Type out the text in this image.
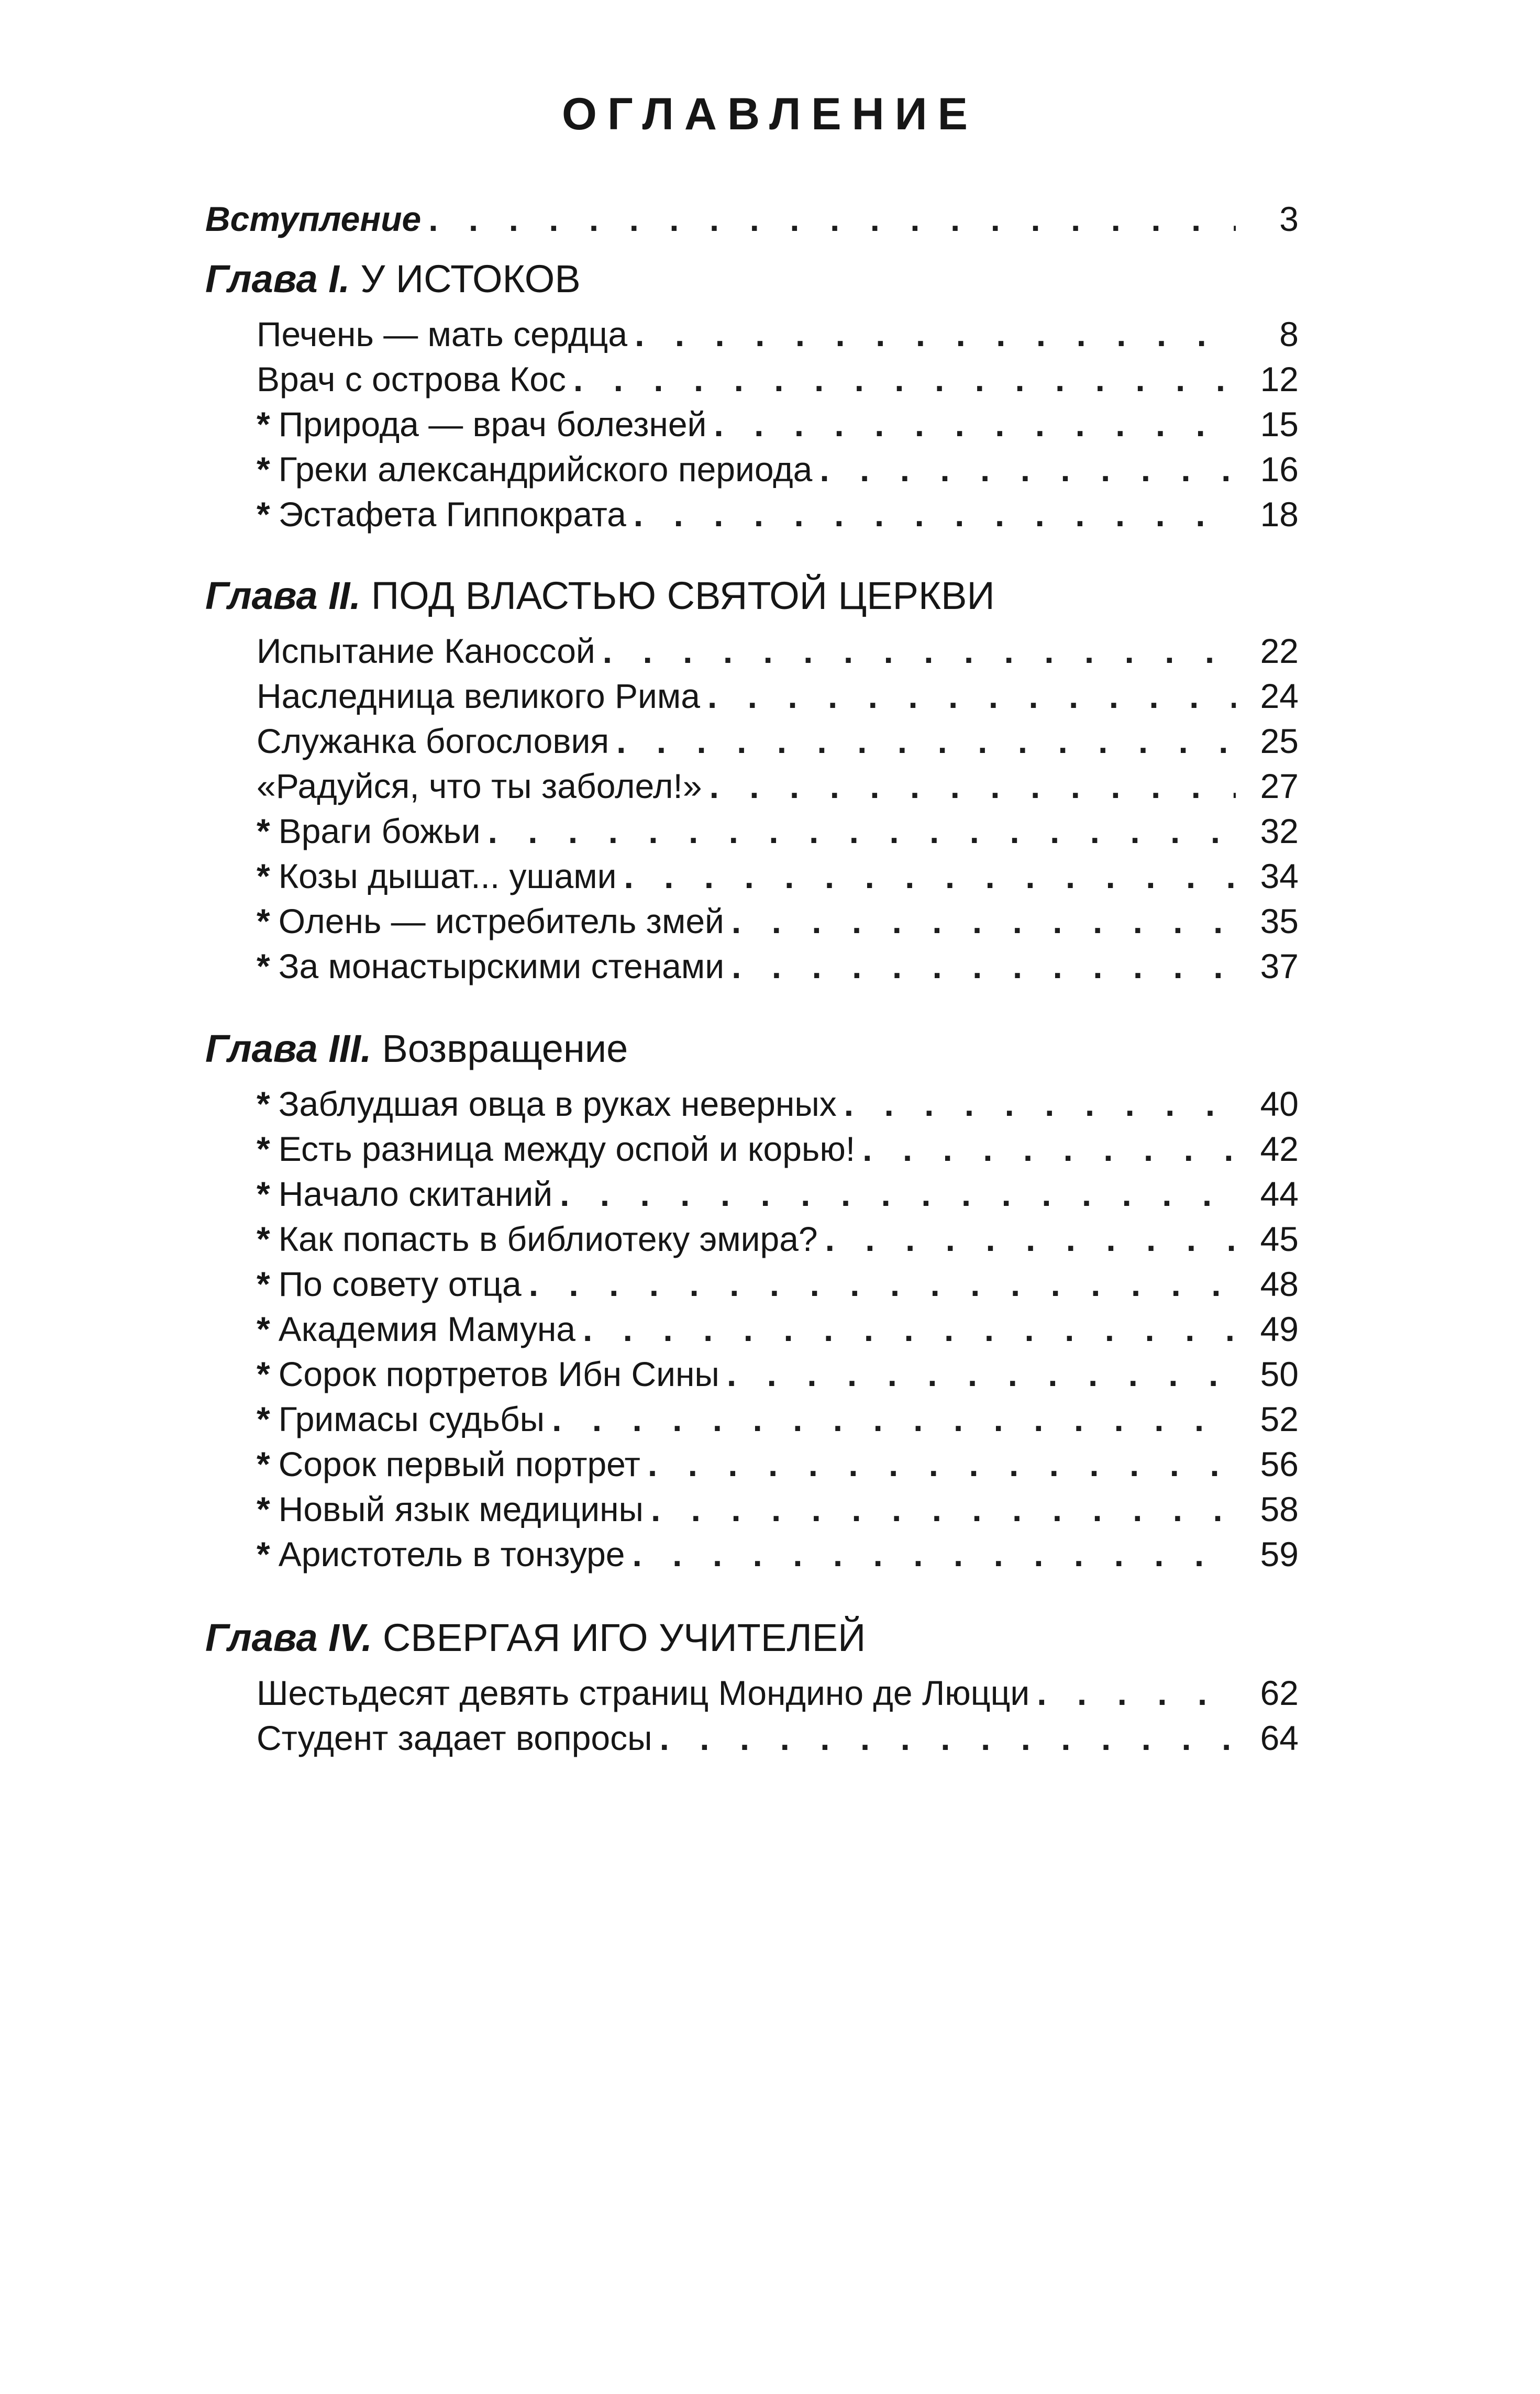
ОГЛАВЛЕНИЕ
Вступление . . .	3
Глава I. У ИСТОКОВ
Печень — мать сердца . . .	8
Врач с острова Кос . . .	12
* Природа — врач болезней . . .	15
* Греки александрийского периода . . .	16
* Эстафета Гиппократа . . .	18
Глава II. ПОД ВЛАСТЬЮ СВЯТОЙ ЦЕРКВИ
Испытание Каноссой . . .	22
Наследница великого Рима . . .	24
Служанка богословия . . .	25
«Радуйся, что ты заболел!» . . .	27
* Враги божьи . . .	32
* Козы дышат... ушами . . .	34
* Олень — истребитель змей . . .	35
* За монастырскими стенами . . .	37
Глава III. Возвращение
* Заблудшая овца в руках неверных . . .	40
* Есть разница между оспой и корью! . . .	42
* Начало скитаний . . .	44
* Как попасть в библиотеку эмира? . . .	45
* По совету отца . . .	48
* Академия Мамуна . . .	49
* Сорок портретов Ибн Сины . . .	50
* Гримасы судьбы . . .	52
* Сорок первый портрет . . .	56
* Новый язык медицины . . .	58
* Аристотель в тонзуре . . .	59
Глава IV. СВЕРГАЯ ИГО УЧИТЕЛЕЙ
Шестьдесят девять страниц Мондино де Люцци . . .	62
Студент задает вопросы . . .	64
